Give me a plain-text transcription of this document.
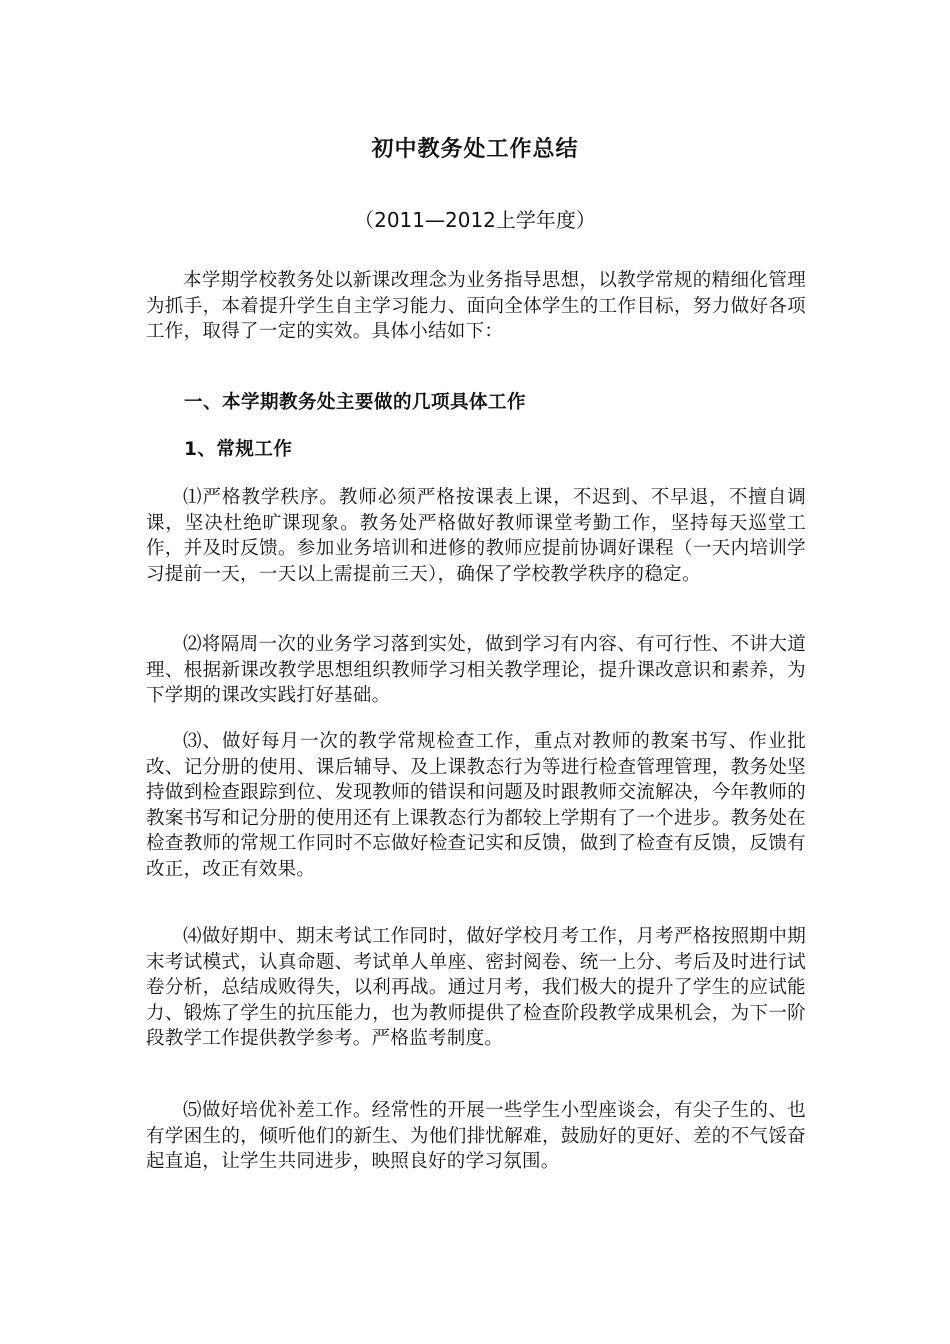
初中教务处工作总结
（2011—2012上学年度）

本学期学校教务处以新课改理念为业务指导思想，以教学常规的精细化管理为抓手，本着提升学生自主学习能力、面向全体学生的工作目标，努力做好各项工作，取得了一定的实效。具体小结如下：

一、本学期教务处主要做的几项具体工作

1、常规工作

⑴严格教学秩序。教师必须严格按课表上课，不迟到、不早退，不擅自调课，坚决杜绝旷课现象。教务处严格做好教师课堂考勤工作，坚持每天巡堂工作，并及时反馈。参加业务培训和进修的教师应提前协调好课程（一天内培训学习提前一天，一天以上需提前三天），确保了学校教学秩序的稳定。

⑵将隔周一次的业务学习落到实处，做到学习有内容、有可行性、不讲大道理、根据新课改教学思想组织教师学习相关教学理论，提升课改意识和素养，为下学期的课改实践打好基础。

⑶、做好每月一次的教学常规检查工作，重点对教师的教案书写、作业批改、记分册的使用、课后辅导、及上课教态行为等进行检查管理管理，教务处坚持做到检查跟踪到位、发现教师的错误和问题及时跟教师交流解决，今年教师的教案书写和记分册的使用还有上课教态行为都较上学期有了一个进步。教务处在检查教师的常规工作同时不忘做好检查记实和反馈，做到了检查有反馈，反馈有改正，改正有效果。

⑷做好期中、期末考试工作同时，做好学校月考工作，月考严格按照期中期末考试模式，认真命题、考试单人单座、密封阅卷、统一上分、考后及时进行试卷分析，总结成败得失，以利再战。通过月考，我们极大的提升了学生的应试能力、锻炼了学生的抗压能力，也为教师提供了检查阶段教学成果机会，为下一阶段教学工作提供教学参考。严格监考制度。

⑸做好培优补差工作。经常性的开展一些学生小型座谈会，有尖子生的、也有学困生的，倾听他们的新生、为他们排忧解难，鼓励好的更好、差的不气馁奋起直追，让学生共同进步，映照良好的学习氛围。
